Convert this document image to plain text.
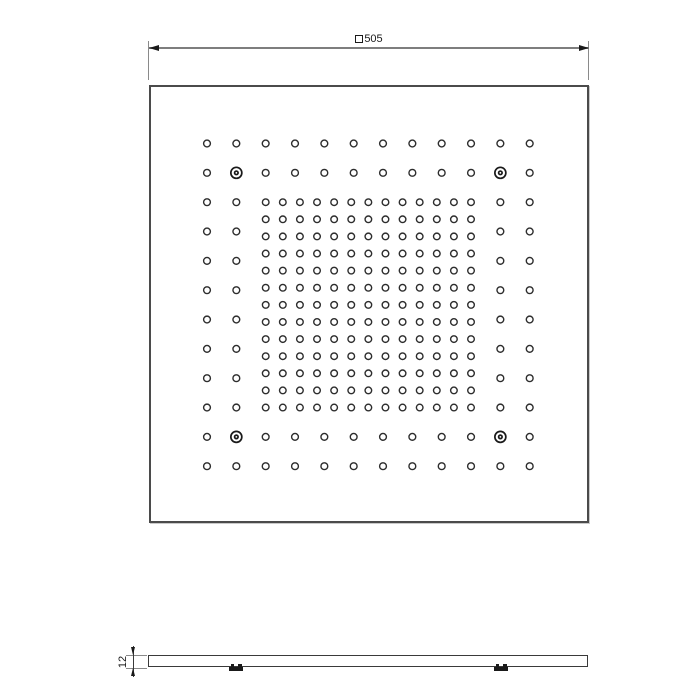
505
12
